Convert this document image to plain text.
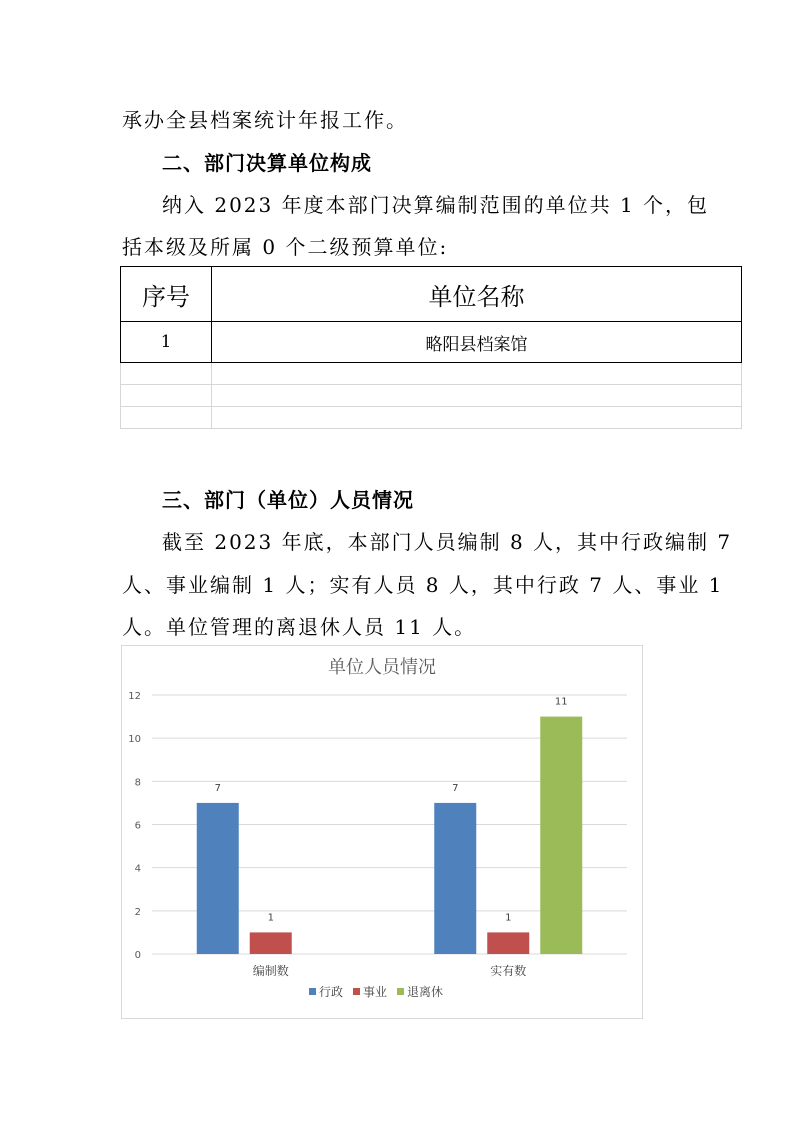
承办全县档案统计年报工作。
二、部门决算单位构成
纳入 2023 年度本部门决算编制范围的单位共 1 个，包
括本级及所属 0 个二级预算单位:
序号	单位名称
1	略阳县档案馆

三、部门（单位）人员情况
截至 2023 年底，本部门人员编制 8 人，其中行政编制 7
人、事业编制 1 人；实有人员 8 人，其中行政 7 人、事业 1
人。单位管理的离退休人员 11 人。
单位人员情况
0
2
4
6
8
10
12
7
1
编制数
7
1
11
实有数
行政 事业 退离休
